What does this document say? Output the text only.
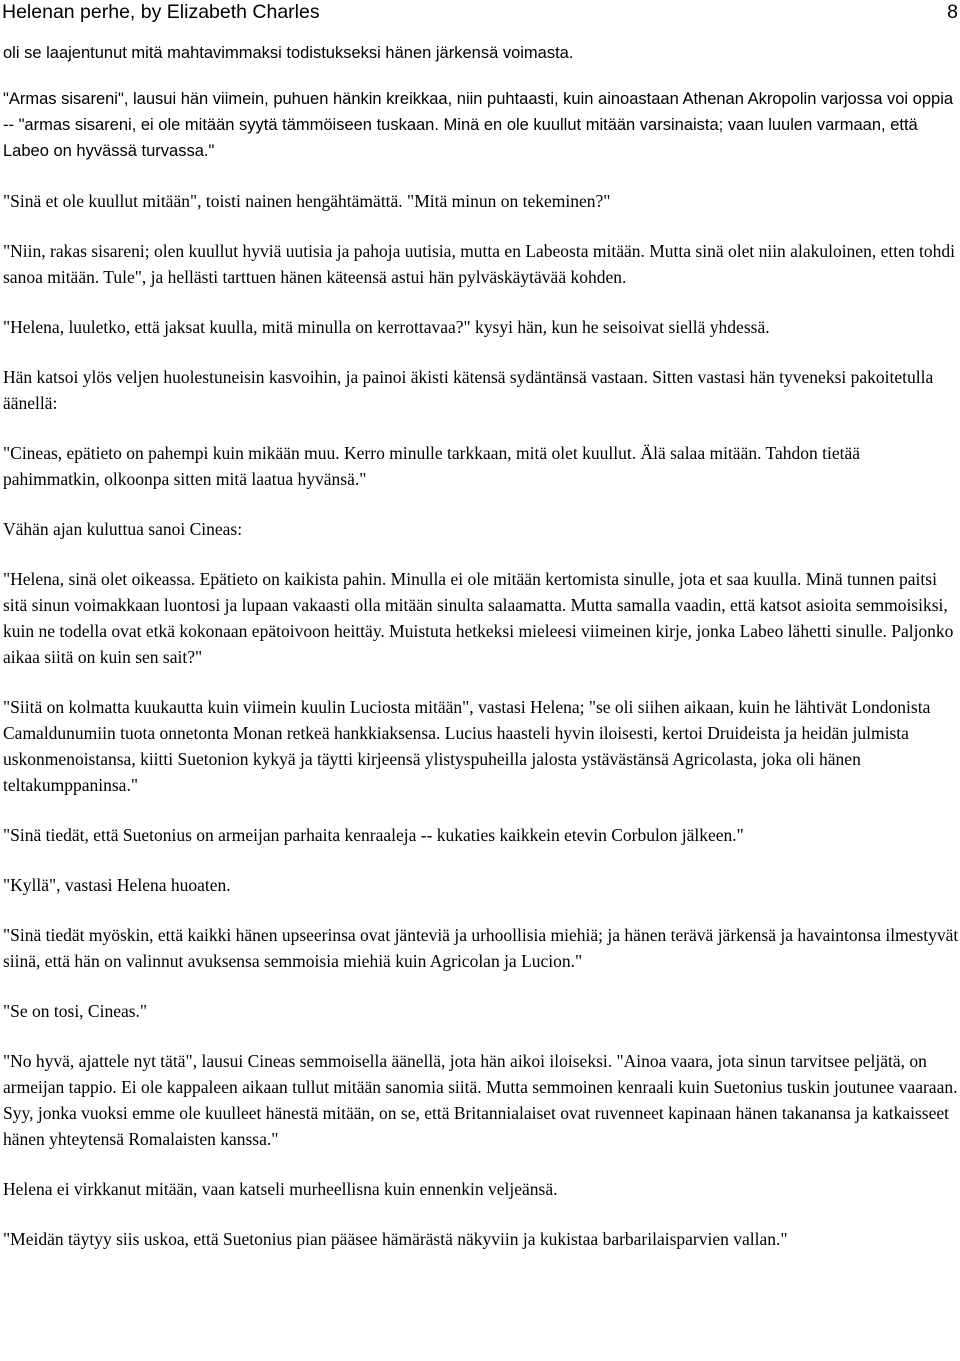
Helenan perhe, by Elizabeth Charles	8

oli se laajentunut mitä mahtavimmaksi todistukseksi hänen järkensä voimasta.

"Armas sisareni", lausui hän viimein, puhuen hänkin kreikkaa, niin puhtaasti, kuin ainoastaan Athenan Akropolin varjossa voi oppia -- "armas sisareni, ei ole mitään syytä tämmöiseen tuskaan. Minä en ole kuullut mitään varsinaista; vaan luulen varmaan, että Labeo on hyvässä turvassa."

"Sinä et ole kuullut mitään", toisti nainen hengähtämättä. "Mitä minun on tekeminen?"

"Niin, rakas sisareni; olen kuullut hyviä uutisia ja pahoja uutisia, mutta en Labeosta mitään. Mutta sinä olet niin alakuloinen, etten tohdi sanoa mitään. Tule", ja hellästi tarttuen hänen käteensä astui hän pylväskäytävää kohden.

"Helena, luuletko, että jaksat kuulla, mitä minulla on kerrottavaa?" kysyi hän, kun he seisoivat siellä yhdessä.

Hän katsoi ylös veljen huolestuneisin kasvoihin, ja painoi äkisti kätensä sydäntänsä vastaan. Sitten vastasi hän tyveneksi pakoitetulla äänellä:

"Cineas, epätieto on pahempi kuin mikään muu. Kerro minulle tarkkaan, mitä olet kuullut. Älä salaa mitään. Tahdon tietää pahimmatkin, olkoonpa sitten mitä laatua hyvänsä."

Vähän ajan kuluttua sanoi Cineas:

"Helena, sinä olet oikeassa. Epätieto on kaikista pahin. Minulla ei ole mitään kertomista sinulle, jota et saa kuulla. Minä tunnen paitsi sitä sinun voimakkaan luontosi ja lupaan vakaasti olla mitään sinulta salaamatta. Mutta samalla vaadin, että katsot asioita semmoisiksi, kuin ne todella ovat etkä kokonaan epätoivoon heittäy. Muistuta hetkeksi mieleesi viimeinen kirje, jonka Labeo lähetti sinulle. Paljonko aikaa siitä on kuin sen sait?"

"Siitä on kolmatta kuukautta kuin viimein kuulin Luciosta mitään", vastasi Helena; "se oli siihen aikaan, kuin he lähtivät Londonista Camaldunumiin tuota onnetonta Monan retkeä hankkiaksensa. Lucius haasteli hyvin iloisesti, kertoi Druideista ja heidän julmista uskonmenoistansa, kiitti Suetonion kykyä ja täytti kirjeensä ylistyspuheilla jalosta ystävästänsä Agricolasta, joka oli hänen teltakumppaninsa."

"Sinä tiedät, että Suetonius on armeijan parhaita kenraaleja -- kukaties kaikkein etevin Corbulon jälkeen."

"Kyllä", vastasi Helena huoaten.

"Sinä tiedät myöskin, että kaikki hänen upseerinsa ovat jänteviä ja urhoollisia miehiä; ja hänen terävä järkensä ja havaintonsa ilmestyvät siinä, että hän on valinnut avuksensa semmoisia miehiä kuin Agricolan ja Lucion."

"Se on tosi, Cineas."

"No hyvä, ajattele nyt tätä", lausui Cineas semmoisella äänellä, jota hän aikoi iloiseksi. "Ainoa vaara, jota sinun tarvitsee peljätä, on armeijan tappio. Ei ole kappaleen aikaan tullut mitään sanomia siitä. Mutta semmoinen kenraali kuin Suetonius tuskin joutunee vaaraan. Syy, jonka vuoksi emme ole kuulleet hänestä mitään, on se, että Britannialaiset ovat ruvenneet kapinaan hänen takanansa ja katkaisseet hänen yhteytensä Romalaisten kanssa."

Helena ei virkkanut mitään, vaan katseli murheellisna kuin ennenkin veljeänsä.

"Meidän täytyy siis uskoa, että Suetonius pian pääsee hämärästä näkyviin ja kukistaa barbarilaisparvien vallan."
